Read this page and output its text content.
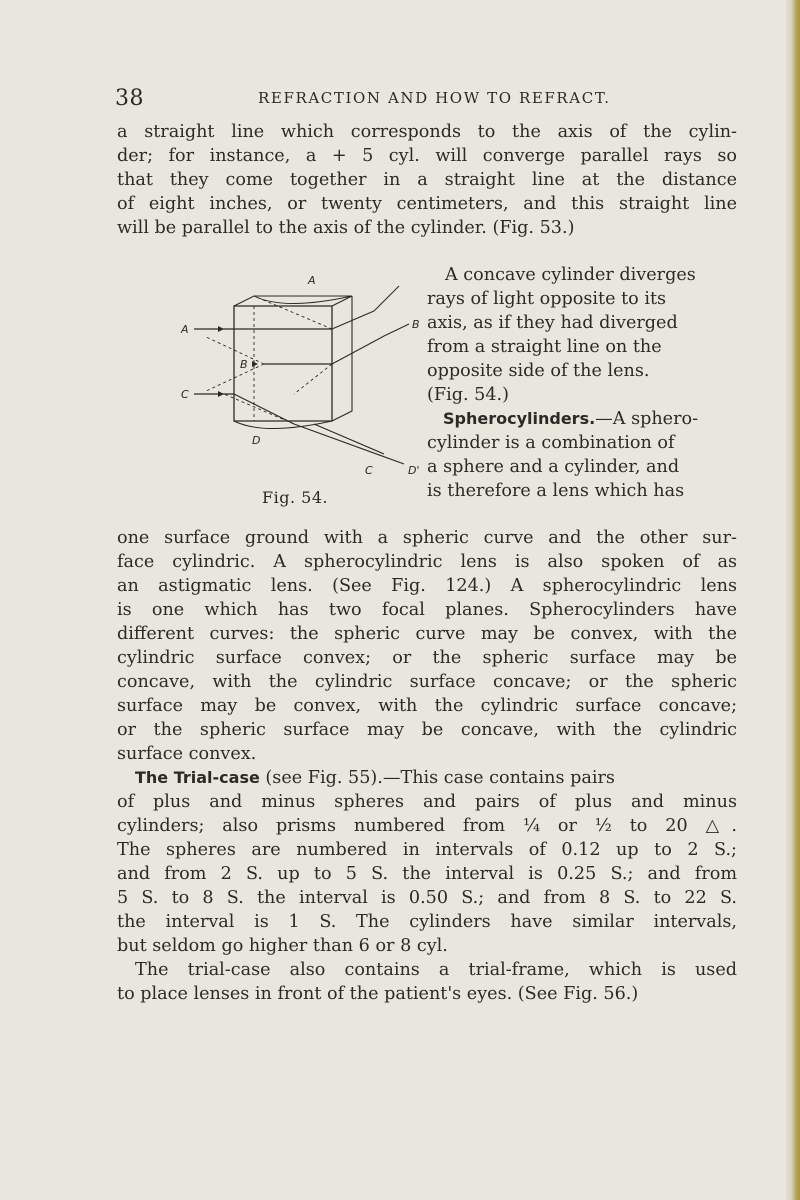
38	REFRACTION AND HOW TO REFRACT.
a straight line which corresponds to the axis of the cylin-
der; for instance, a + 5 cyl. will converge parallel rays so
that they come together in a straight line at the distance
of eight inches, or twenty centimeters, and this straight line
will be parallel to the axis of the cylinder. (Fig. 53.)
A
A	B
B
C
D
C	D'
Fig. 54.
A concave cylinder diverges
rays of light opposite to its
axis, as if they had diverged
from a straight line on the
opposite side of the lens.
(Fig. 54.)
Spherocylinders.—A sphero-
cylinder is a combination of
a sphere and a cylinder, and
is therefore a lens which has
one surface ground with a spheric curve and the other sur-
face cylindric. A spherocylindric lens is also spoken of as
an astigmatic lens. (See Fig. 124.) A spherocylindric lens
is one which has two focal planes. Spherocylinders have
different curves: the spheric curve may be convex, with the
cylindric surface convex; or the spheric surface may be
concave, with the cylindric surface concave; or the spheric
surface may be convex, with the cylindric surface concave;
or the spheric surface may be concave, with the cylindric
surface convex.
The Trial-case (see Fig. 55).—This case contains pairs
of plus and minus spheres and pairs of plus and minus
cylinders; also prisms numbered from ¼ or ½ to 20 △.
The spheres are numbered in intervals of 0.12 up to 2 S.;
and from 2 S. up to 5 S. the interval is 0.25 S.; and from
5 S. to 8 S. the interval is 0.50 S.; and from 8 S. to 22 S.
the interval is 1 S. The cylinders have similar intervals,
but seldom go higher than 6 or 8 cyl.
The trial-case also contains a trial-frame, which is used
to place lenses in front of the patient's eyes. (See Fig. 56.)
